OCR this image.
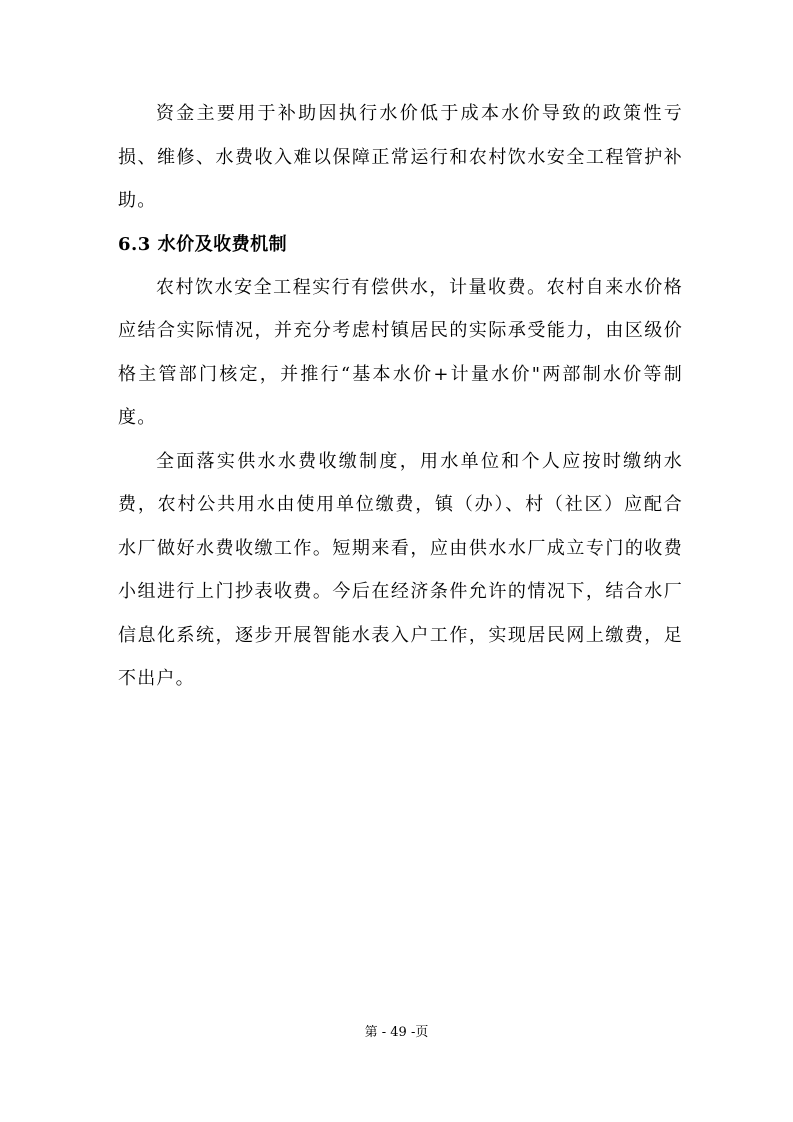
资金主要用于补助因执行水价低于成本水价导致的政策性亏损、维修、水费收入难以保障正常运行和农村饮水安全工程管护补助。

6.3 水价及收费机制

农村饮水安全工程实行有偿供水，计量收费。农村自来水价格应结合实际情况，并充分考虑村镇居民的实际承受能力，由区级价格主管部门核定，并推行“基本水价+计量水价"两部制水价等制度。

全面落实供水水费收缴制度，用水单位和个人应按时缴纳水费，农村公共用水由使用单位缴费，镇（办）、村（社区）应配合水厂做好水费收缴工作。短期来看，应由供水水厂成立专门的收费小组进行上门抄表收费。今后在经济条件允许的情况下，结合水厂信息化系统，逐步开展智能水表入户工作，实现居民网上缴费，足不出户。

第 - 49 -页
